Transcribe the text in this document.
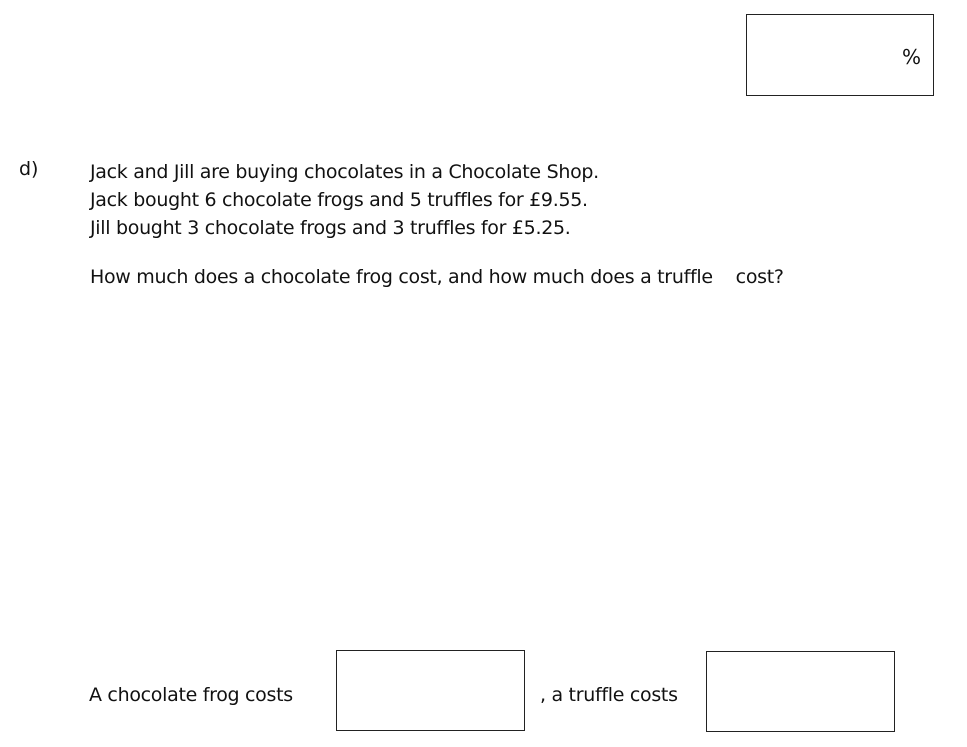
%
d)	Jack and Jill are buying chocolates in a Chocolate Shop.
Jack bought 6 chocolate frogs and 5 truffles for £9.55.
Jill bought 3 chocolate frogs and 3 truffles for £5.25.
How much does a chocolate frog cost, and how much does a truffle    cost?
A chocolate frog costs	, a truffle costs
